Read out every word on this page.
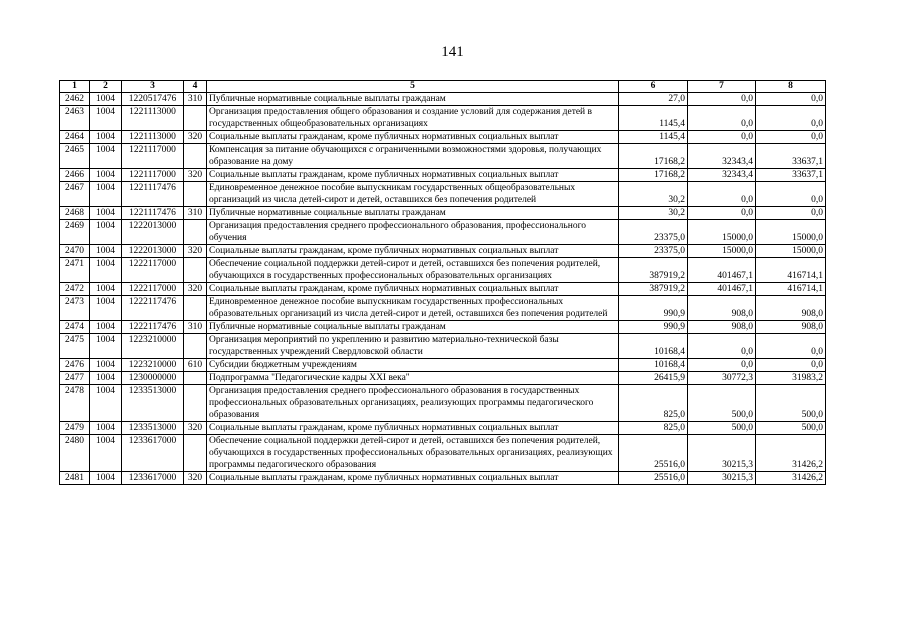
141
1	2	3	4	5	6	7	8
2462	1004	1220517476	310	Публичные нормативные социальные выплаты гражданам	27,0	0,0	0,0
2463	1004	1221113000		Организация предоставления общего образования и создание условий для содержания детей в государственных общеобразовательных организациях	1145,4	0,0	0,0
2464	1004	1221113000	320	Социальные выплаты гражданам, кроме публичных нормативных социальных выплат	1145,4	0,0	0,0
2465	1004	1221117000		Компенсация за питание обучающихся с ограниченными возможностями здоровья, получающих образование на дому	17168,2	32343,4	33637,1
2466	1004	1221117000	320	Социальные выплаты гражданам, кроме публичных нормативных социальных выплат	17168,2	32343,4	33637,1
2467	1004	1221117476		Единовременное денежное пособие выпускникам государственных общеобразовательных организаций из числа детей-сирот и детей, оставшихся без попечения родителей	30,2	0,0	0,0
2468	1004	1221117476	310	Публичные нормативные социальные выплаты гражданам	30,2	0,0	0,0
2469	1004	1222013000		Организация предоставления среднего профессионального образования, профессионального обучения	23375,0	15000,0	15000,0
2470	1004	1222013000	320	Социальные выплаты гражданам, кроме публичных нормативных социальных выплат	23375,0	15000,0	15000,0
2471	1004	1222117000		Обеспечение социальной поддержки детей-сирот и детей, оставшихся без попечения родителей, обучающихся в государственных профессиональных образовательных организациях	387919,2	401467,1	416714,1
2472	1004	1222117000	320	Социальные выплаты гражданам, кроме публичных нормативных социальных выплат	387919,2	401467,1	416714,1
2473	1004	1222117476		Единовременное денежное пособие выпускникам государственных профессиональных образовательных организаций из числа детей-сирот и детей, оставшихся без попечения родителей	990,9	908,0	908,0
2474	1004	1222117476	310	Публичные нормативные социальные выплаты гражданам	990,9	908,0	908,0
2475	1004	1223210000		Организация мероприятий по укреплению и развитию материально-технической базы государственных учреждений Свердловской области	10168,4	0,0	0,0
2476	1004	1223210000	610	Субсидии бюджетным учреждениям	10168,4	0,0	0,0
2477	1004	1230000000		Подпрограмма "Педагогические кадры XXI века"	26415,9	30772,3	31983,2
2478	1004	1233513000		Организация предоставления среднего профессионального образования в государственных профессиональных образовательных организациях, реализующих программы педагогического образования	825,0	500,0	500,0
2479	1004	1233513000	320	Социальные выплаты гражданам, кроме публичных нормативных социальных выплат	825,0	500,0	500,0
2480	1004	1233617000		Обеспечение социальной поддержки детей-сирот и детей, оставшихся без попечения родителей, обучающихся в государственных профессиональных образовательных организациях, реализующих программы педагогического образования	25516,0	30215,3	31426,2
2481	1004	1233617000	320	Социальные выплаты гражданам, кроме публичных нормативных социальных выплат	25516,0	30215,3	31426,2
